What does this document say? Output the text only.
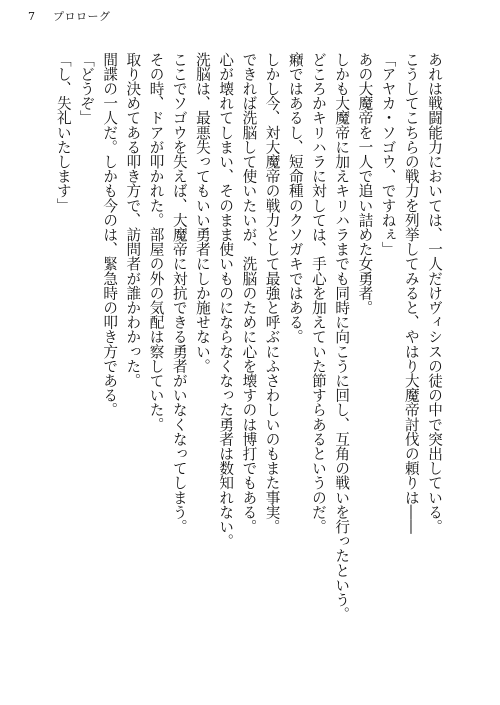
7 プロローグ
あれは戦闘能力においては、一人だけヴィシスの徒の中で突出している。
こうしてこちらの戦力を列挙してみると、やはり大魔帝討伐の頼りは――
「アヤカ・ソゴウ、ですねぇ」
あの大魔帝を一人で追い詰めた女勇者。
しかも大魔帝に加えキリハラまでも同時に向こうに回し、互角の戦いを行ったという。
どころかキリハラに対しては、手心を加えていた節すらあるというのだ。
癪ではあるし、短命種のクソガキではある。
しかし今、対大魔帝の戦力として最強と呼ぶにふさわしいのもまた事実。
できれば洗脳して使いたいが、洗脳のために心を壊すのは博打でもある。
心が壊れてしまい、そのまま使いものにならなくなった勇者は数知れない。
洗脳は、最悪失ってもいい勇者にしか施せない。
ここでソゴウを失えば、大魔帝に対抗できる勇者がいなくなってしまう。
その時、ドアが叩かれた。部屋の外の気配は察していた。
取り決めてある叩き方で、訪問者が誰かわかった。
間諜の一人だ。しかも今のは、緊急時の叩き方である。
「どうぞ」
「し、失礼いたします」
